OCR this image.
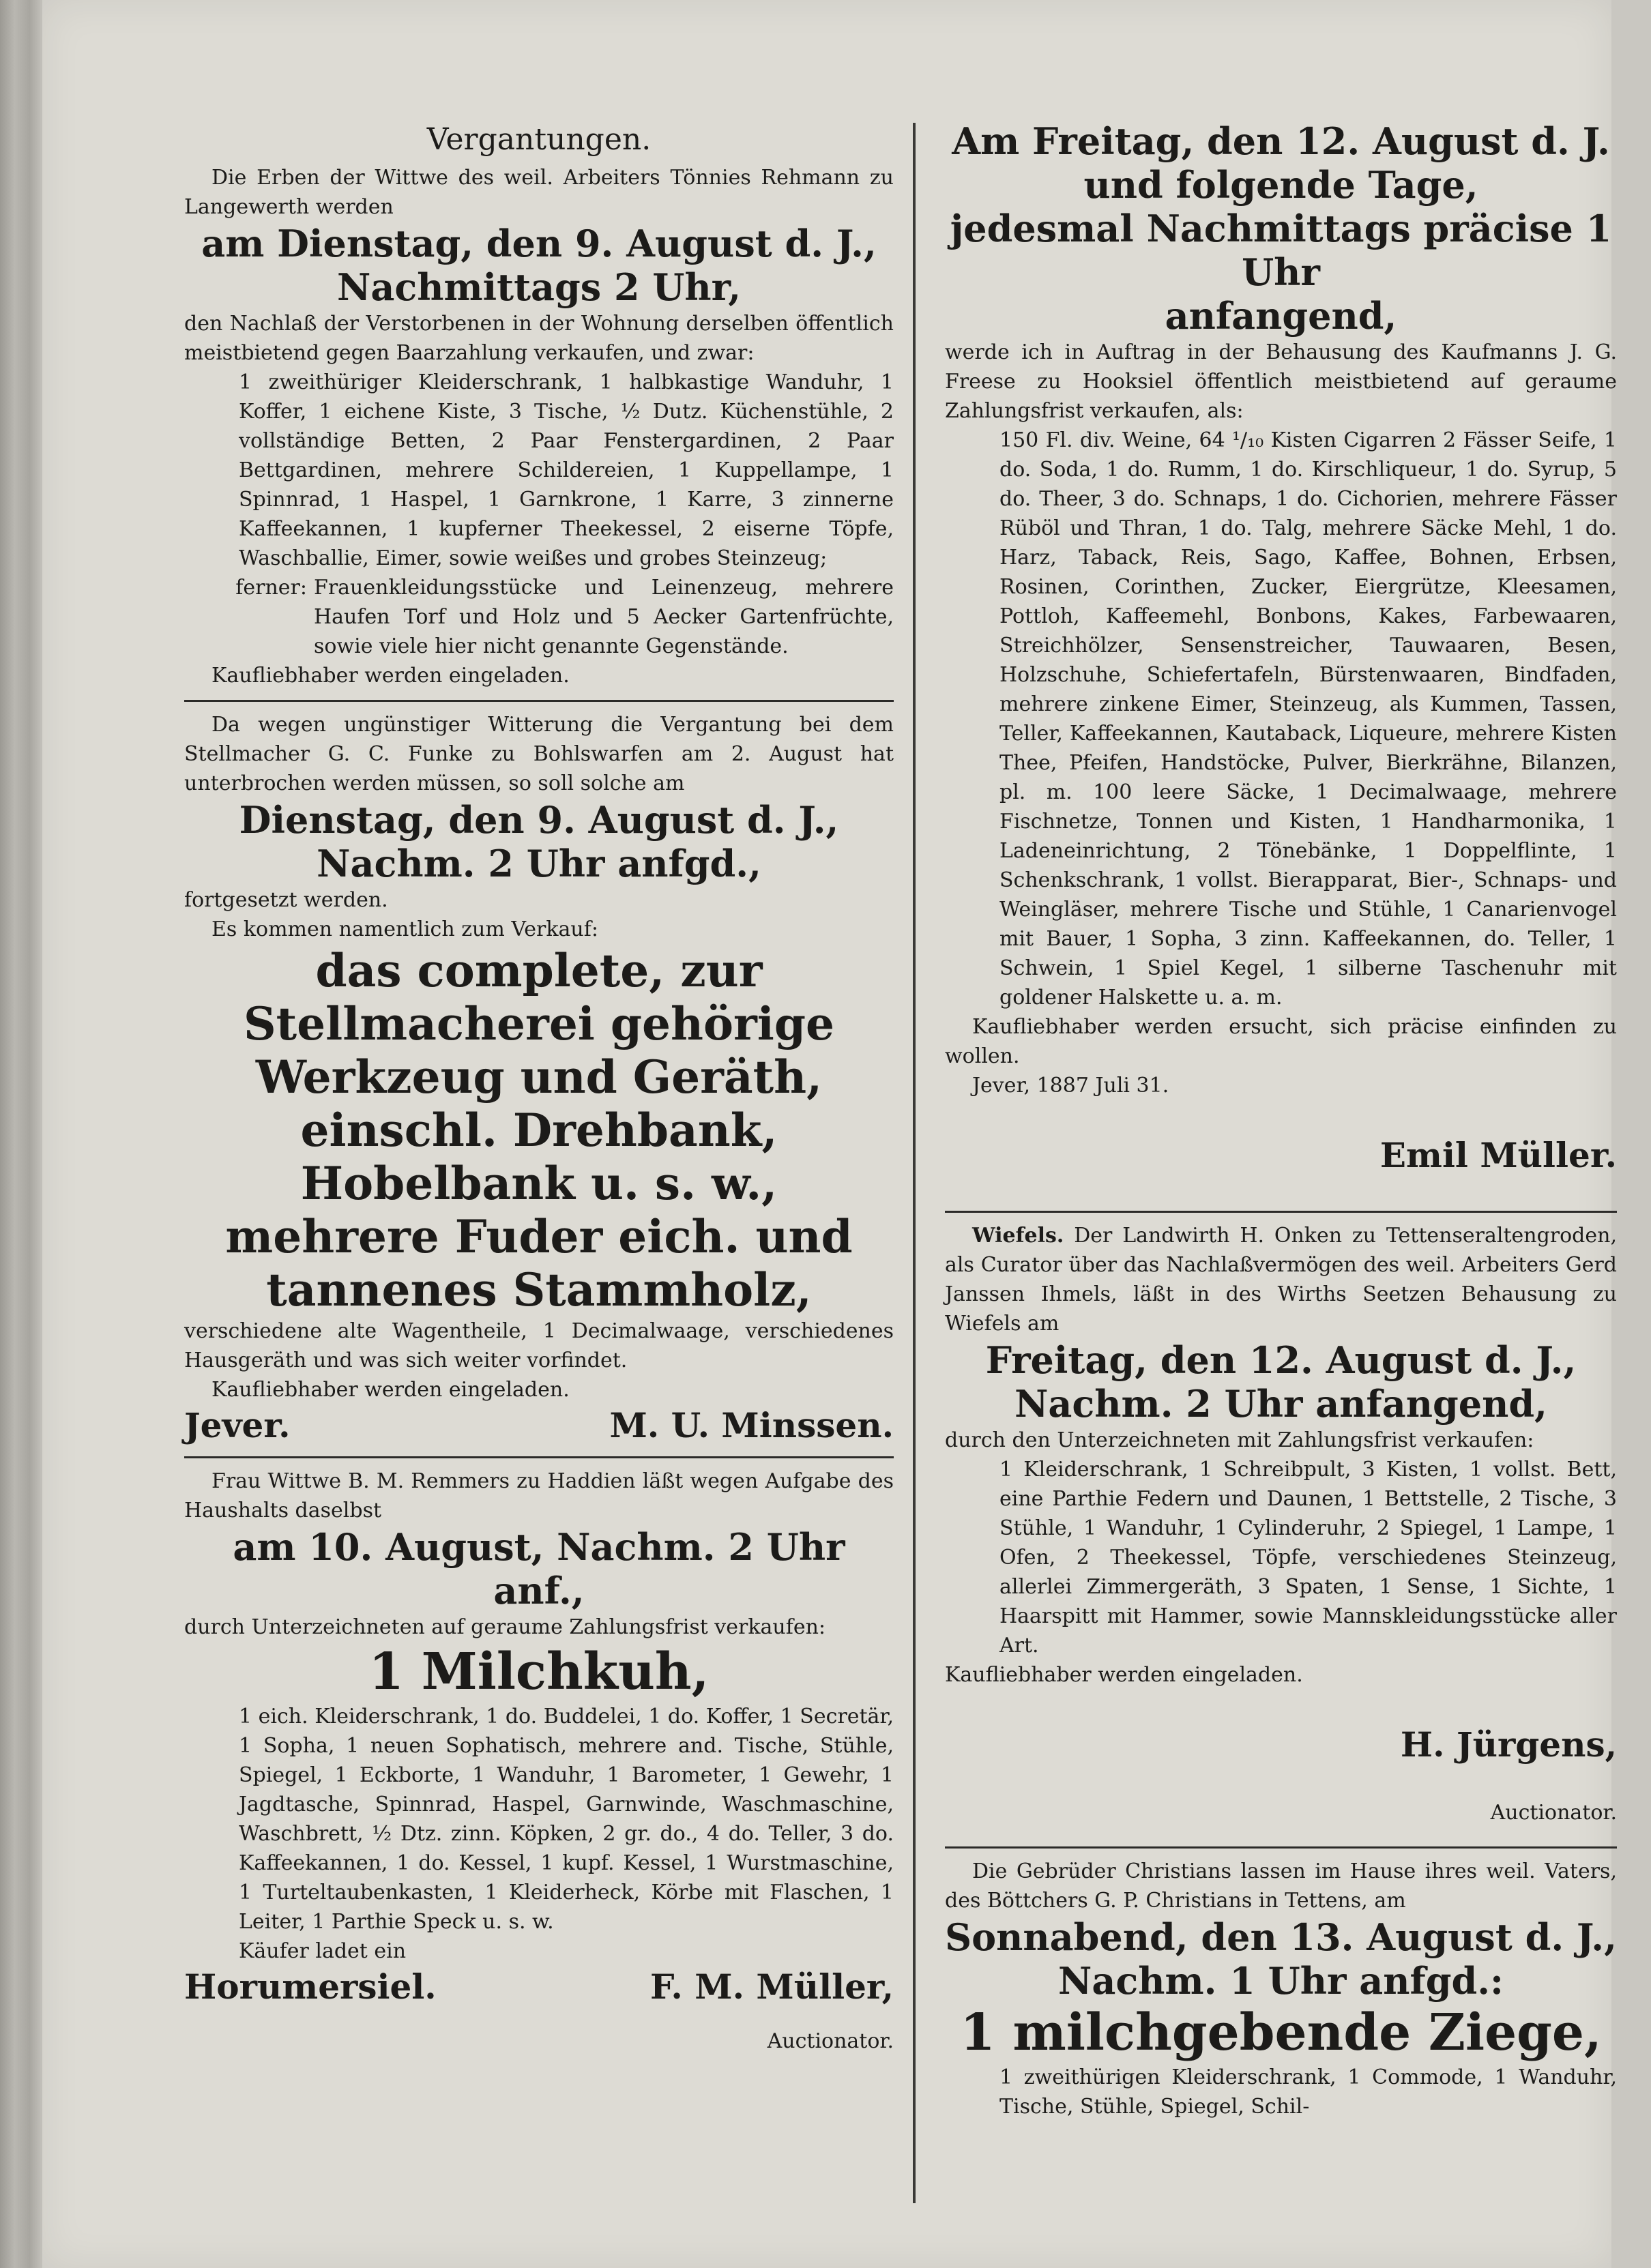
Vergantungen.

Die Erben der Wittwe des weil. Arbeiters Tönnies Rehmann zu Langewerth werden

am Dienstag, den 9. August d. J.,

Nachmittags 2 Uhr,

den Nachlaß der Verstorbenen in der Wohnung derselben öffentlich meistbietend gegen Baarzahlung verkaufen, und zwar:

1 zweithüriger Kleiderschrank, 1 halbkastige Wanduhr, 1 Koffer, 1 eichene Kiste, 3 Tische, ½ Dutz. Küchenstühle, 2 vollständige Betten, 2 Paar Fenstergardinen, 2 Paar Bettgardinen, mehrere Schildereien, 1 Kuppellampe, 1 Spinnrad, 1 Haspel, 1 Garnkrone, 1 Karre, 3 zinnerne Kaffeekannen, 1 kupferner Theekessel, 2 eiserne Töpfe, Waschballie, Eimer, sowie weißes und grobes Steinzeug;

ferner: Frauenkleidungsstücke und Leinenzeug, mehrere Haufen Torf und Holz und 5 Aecker Gartenfrüchte, sowie viele hier nicht genannte Gegenstände.

Kaufliebhaber werden eingeladen.

Da wegen ungünstiger Witterung die Vergantung bei dem Stellmacher G. C. Funke zu Bohlswarfen am 2. August hat unterbrochen werden müssen, so soll solche am

Dienstag, den 9. August d. J.,

Nachm. 2 Uhr anfgd.,

fortgesetzt werden.

Es kommen namentlich zum Verkauf:

das complete, zur Stellmacherei gehörige Werkzeug und Geräth, einschl. Drehbank, Hobelbank u. s. w.,

mehrere Fuder eich. und tannenes Stammholz,

verschiedene alte Wagentheile, 1 Decimalwaage, verschiedenes Hausgeräth und was sich weiter vorfindet.

Kaufliebhaber werden eingeladen.

Jever.	M. U. Minssen.

Frau Wittwe B. M. Remmers zu Haddien läßt wegen Aufgabe des Haushalts daselbst

am 10. August, Nachm. 2 Uhr anf.,

durch Unterzeichneten auf geraume Zahlungsfrist verkaufen:

1 Milchkuh,

1 eich. Kleiderschrank, 1 do. Buddelei, 1 do. Koffer, 1 Secretär, 1 Sopha, 1 neuen Sophatisch, mehrere and. Tische, Stühle, Spiegel, 1 Eckborte, 1 Wanduhr, 1 Barometer, 1 Gewehr, 1 Jagdtasche, Spinnrad, Haspel, Garnwinde, Waschmaschine, Waschbrett, ½ Dtz. zinn. Köpken, 2 gr. do., 4 do. Teller, 3 do. Kaffeekannen, 1 do. Kessel, 1 kupf. Kessel, 1 Wurstmaschine, 1 Turteltaubenkasten, 1 Kleiderheck, Körbe mit Flaschen, 1 Leiter, 1 Parthie Speck u. s. w.

Käufer ladet ein

Horumersiel.	F. M. Müller,

Auctionator.

Am Freitag, den 12. August d. J.

und folgende Tage,

jedesmal Nachmittags präcise 1 Uhr

anfangend,

werde ich in Auftrag in der Behausung des Kaufmanns J. G. Freese zu Hooksiel öffentlich meistbietend auf geraume Zahlungsfrist verkaufen, als:

150 Fl. div. Weine, 64 ¹/₁₀ Kisten Cigarren 2 Fässer Seife, 1 do. Soda, 1 do. Rumm, 1 do. Kirschliqueur, 1 do. Syrup, 5 do. Theer, 3 do. Schnaps, 1 do. Cichorien, mehrere Fässer Rüböl und Thran, 1 do. Talg, mehrere Säcke Mehl, 1 do. Harz, Taback, Reis, Sago, Kaffee, Bohnen, Erbsen, Rosinen, Corinthen, Zucker, Eiergrütze, Kleesamen, Pottloh, Kaffeemehl, Bonbons, Kakes, Farbewaaren, Streichhölzer, Sensenstreicher, Tauwaaren, Besen, Holzschuhe, Schiefertafeln, Bürstenwaaren, Bindfaden, mehrere zinkene Eimer, Steinzeug, als Kummen, Tassen, Teller, Kaffeekannen, Kautaback, Liqueure, mehrere Kisten Thee, Pfeifen, Handstöcke, Pulver, Bierkrähne, Bilanzen, pl. m. 100 leere Säcke, 1 Decimalwaage, mehrere Fischnetze, Tonnen und Kisten, 1 Handharmonika, 1 Ladeneinrichtung, 2 Tönebänke, 1 Doppelflinte, 1 Schenkschrank, 1 vollst. Bierapparat, Bier-, Schnaps- und Weingläser, mehrere Tische und Stühle, 1 Canarienvogel mit Bauer, 1 Sopha, 3 zinn. Kaffeekannen, do. Teller, 1 Schwein, 1 Spiel Kegel, 1 silberne Taschenuhr mit goldener Halskette u. a. m.

Kaufliebhaber werden ersucht, sich präcise einfinden zu wollen.

Jever, 1887 Juli 31.

Emil Müller.

Wiefels. Der Landwirth H. Onken zu Tettenseraltengroden, als Curator über das Nachlaßvermögen des weil. Arbeiters Gerd Janssen Ihmels, läßt in des Wirths Seetzen Behausung zu Wiefels am

Freitag, den 12. August d. J.,

Nachm. 2 Uhr anfangend,

durch den Unterzeichneten mit Zahlungsfrist verkaufen:

1 Kleiderschrank, 1 Schreibpult, 3 Kisten, 1 vollst. Bett, eine Parthie Federn und Daunen, 1 Bettstelle, 2 Tische, 3 Stühle, 1 Wanduhr, 1 Cylinderuhr, 2 Spiegel, 1 Lampe, 1 Ofen, 2 Theekessel, Töpfe, verschiedenes Steinzeug, allerlei Zimmergeräth, 3 Spaten, 1 Sense, 1 Sichte, 1 Haarspitt mit Hammer, sowie Mannskleidungsstücke aller Art.

Kaufliebhaber werden eingeladen.

H. Jürgens,

Auctionator.

Die Gebrüder Christians lassen im Hause ihres weil. Vaters, des Böttchers G. P. Christians in Tettens, am

Sonnabend, den 13. August d. J.,

Nachm. 1 Uhr anfgd.:

1 milchgebende Ziege,

1 zweithürigen Kleiderschrank, 1 Commode, 1 Wanduhr, Tische, Stühle, Spiegel, Schil-
